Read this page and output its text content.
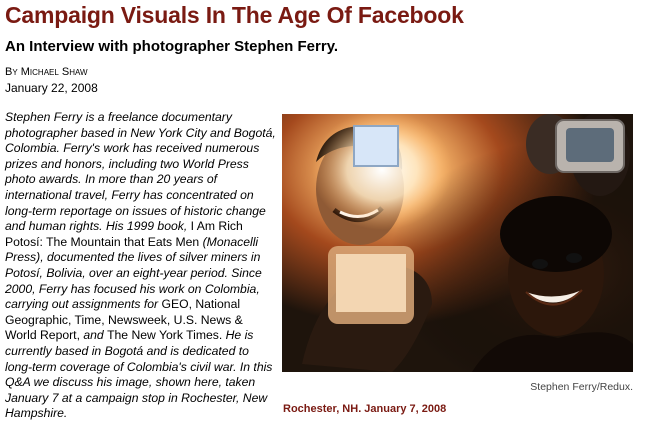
Campaign Visuals In The Age Of Facebook
An Interview with photographer Stephen Ferry.
By Michael Shaw
January 22, 2008

Stephen Ferry is a freelance documentary photographer based in New York City and Bogotá, Colombia. Ferry's work has received numerous prizes and honors, including two World Press photo awards. In more than 20 years of international travel, Ferry has concentrated on long-term reportage on issues of historic change and human rights. His 1999 book, I Am Rich Potosí: The Mountain that Eats Men (Monacelli Press), documented the lives of silver miners in Potosí, Bolivia, over an eight-year period. Since 2000, Ferry has focused his work on Colombia, carrying out assignments for GEO, National Geographic, Time, Newsweek, U.S. News & World Report, and The New York Times. He is currently based in Bogotá and is dedicated to long-term coverage of Colombia's civil war. In this Q&A we discuss his image, shown here, taken January 7 at a campaign stop in Rochester, New Hampshire.

Stephen Ferry/Redux.
Rochester, NH. January 7, 2008
